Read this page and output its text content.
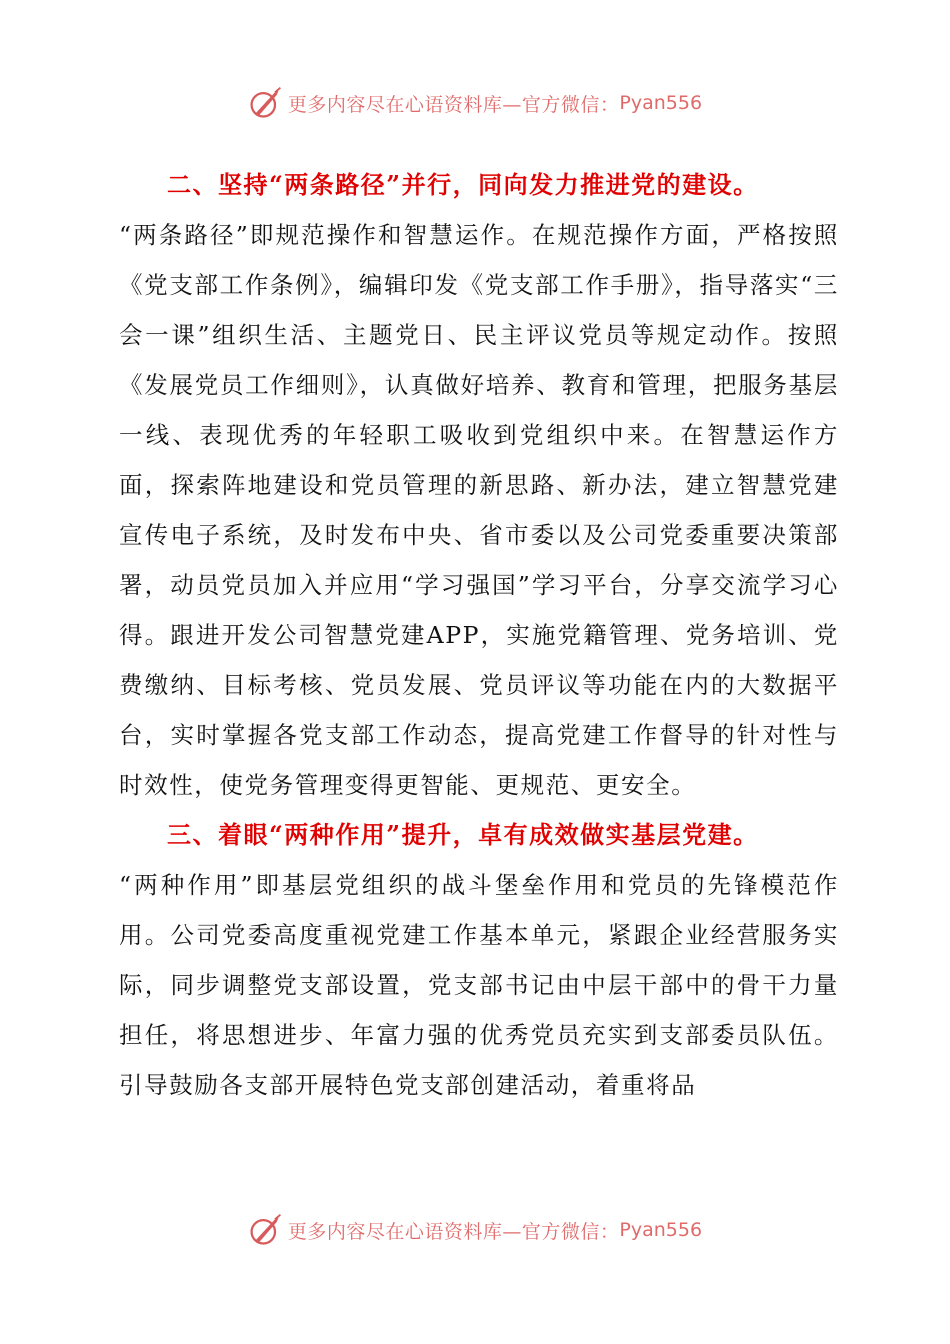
更多内容尽在心语资料库—官方微信： Pyan556

二、坚持“两条路径”并行，同向发力推进党的建设。

“两条路径”即规范操作和智慧运作。在规范操作方面，严格按照《党支部工作条例》，编辑印发《党支部工作手册》，指导落实“三会一课”组织生活、主题党日、民主评议党员等规定动作。按照《发展党员工作细则》，认真做好培养、教育和管理，把服务基层一线、表现优秀的年轻职工吸收到党组织中来。在智慧运作方面，探索阵地建设和党员管理的新思路、新办法，建立智慧党建宣传电子系统，及时发布中央、省市委以及公司党委重要决策部署，动员党员加入并应用“学习强国”学习平台，分享交流学习心得。跟进开发公司智慧党建APP，实施党籍管理、党务培训、党费缴纳、目标考核、党员发展、党员评议等功能在内的大数据平台，实时掌握各党支部工作动态，提高党建工作督导的针对性与时效性，使党务管理变得更智能、更规范、更安全。

三、着眼“两种作用”提升，卓有成效做实基层党建。

“两种作用”即基层党组织的战斗堡垒作用和党员的先锋模范作用。公司党委高度重视党建工作基本单元，紧跟企业经营服务实际，同步调整党支部设置，党支部书记由中层干部中的骨干力量担任，将思想进步、年富力强的优秀党员充实到支部委员队伍。引导鼓励各支部开展特色党支部创建活动，着重将品

更多内容尽在心语资料库—官方微信： Pyan556
